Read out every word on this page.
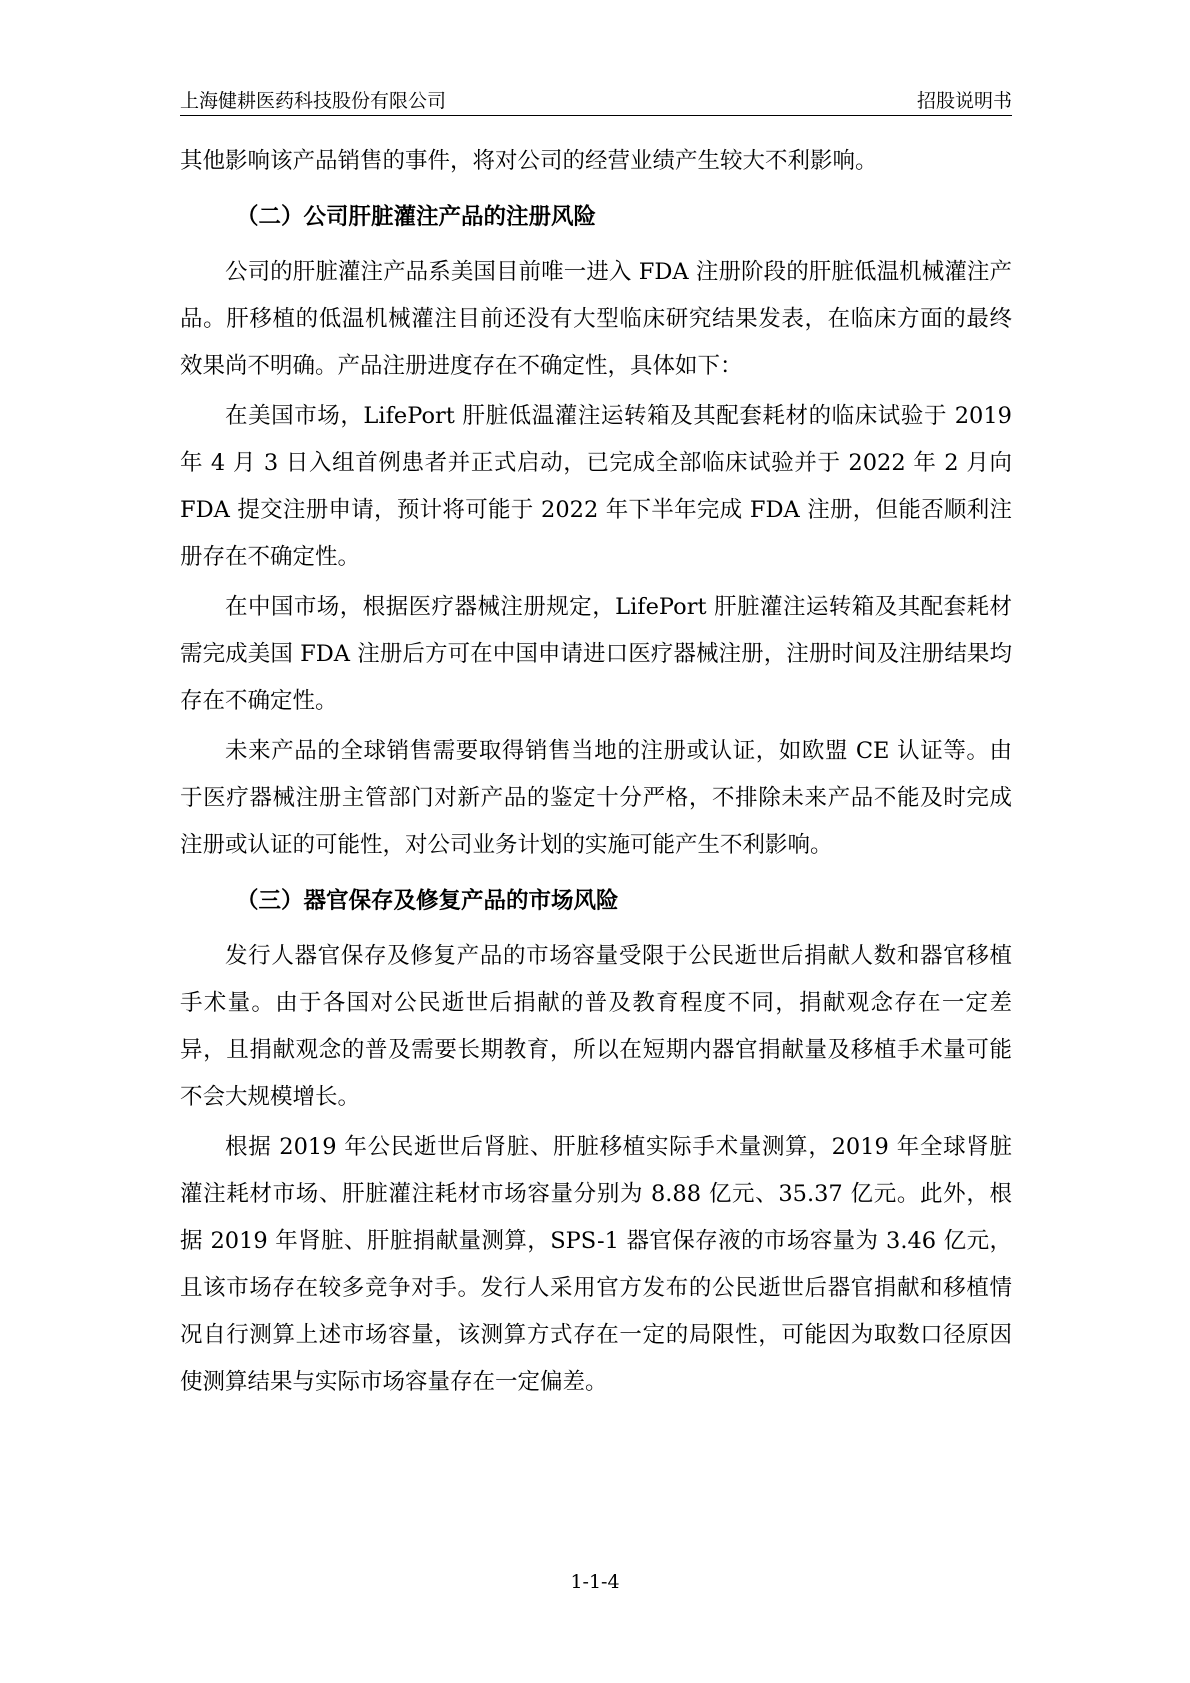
上海健耕医药科技股份有限公司	招股说明书

其他影响该产品销售的事件，将对公司的经营业绩产生较大不利影响。

（二）公司肝脏灌注产品的注册风险

公司的肝脏灌注产品系美国目前唯一进入 FDA 注册阶段的肝脏低温机械灌注产品。肝移植的低温机械灌注目前还没有大型临床研究结果发表，在临床方面的最终效果尚不明确。产品注册进度存在不确定性，具体如下：

在美国市场，LifePort 肝脏低温灌注运转箱及其配套耗材的临床试验于 2019 年 4 月 3 日入组首例患者并正式启动，已完成全部临床试验并于 2022 年 2 月向 FDA 提交注册申请，预计将可能于 2022 年下半年完成 FDA 注册，但能否顺利注册存在不确定性。

在中国市场，根据医疗器械注册规定，LifePort 肝脏灌注运转箱及其配套耗材需完成美国 FDA 注册后方可在中国申请进口医疗器械注册，注册时间及注册结果均存在不确定性。

未来产品的全球销售需要取得销售当地的注册或认证，如欧盟 CE 认证等。由于医疗器械注册主管部门对新产品的鉴定十分严格，不排除未来产品不能及时完成注册或认证的可能性，对公司业务计划的实施可能产生不利影响。

（三）器官保存及修复产品的市场风险

发行人器官保存及修复产品的市场容量受限于公民逝世后捐献人数和器官移植手术量。由于各国对公民逝世后捐献的普及教育程度不同，捐献观念存在一定差异，且捐献观念的普及需要长期教育，所以在短期内器官捐献量及移植手术量可能不会大规模增长。

根据 2019 年公民逝世后肾脏、肝脏移植实际手术量测算，2019 年全球肾脏灌注耗材市场、肝脏灌注耗材市场容量分别为 8.88 亿元、35.37 亿元。此外，根据 2019 年肾脏、肝脏捐献量测算，SPS-1 器官保存液的市场容量为 3.46 亿元，且该市场存在较多竞争对手。发行人采用官方发布的公民逝世后器官捐献和移植情况自行测算上述市场容量，该测算方式存在一定的局限性，可能因为取数口径原因使测算结果与实际市场容量存在一定偏差。

1-1-4
